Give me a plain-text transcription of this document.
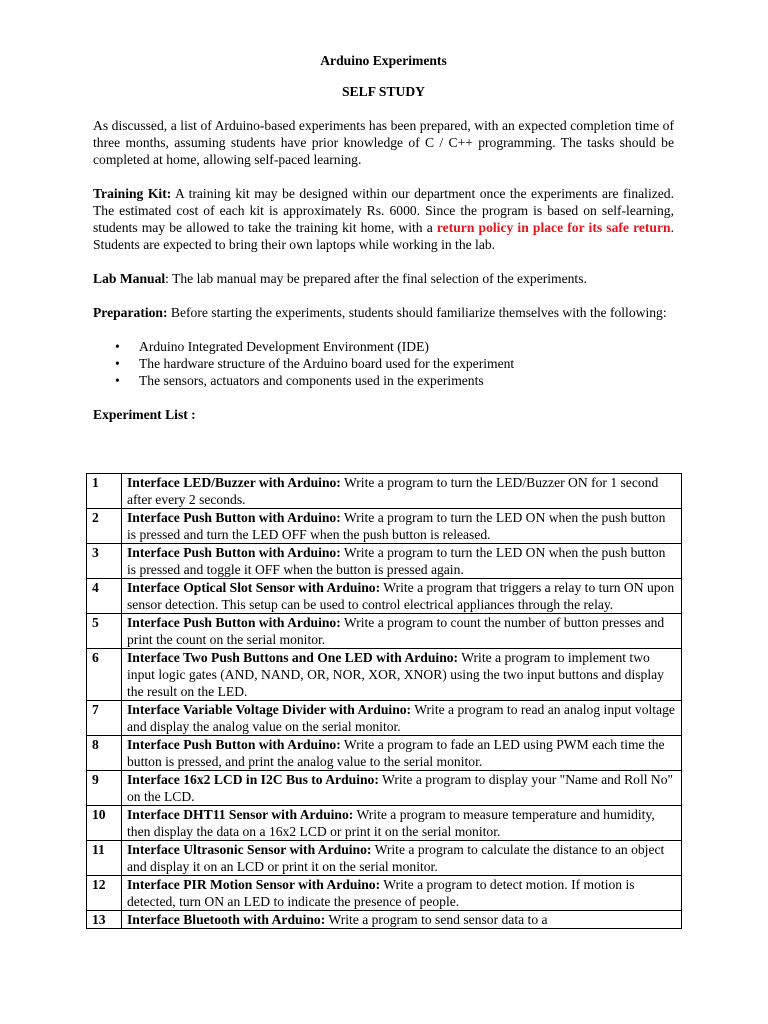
Arduino Experiments

SELF STUDY

As discussed, a list of Arduino-based experiments has been prepared, with an expected completion time of three months, assuming students have prior knowledge of C / C++ programming. The tasks should be completed at home, allowing self-paced learning.

Training Kit: A training kit may be designed within our department once the experiments are finalized. The estimated cost of each kit is approximately Rs. 6000. Since the program is based on self-learning, students may be allowed to take the training kit home, with a return policy in place for its safe return. Students are expected to bring their own laptops while working in the lab.

Lab Manual: The lab manual may be prepared after the final selection of the experiments.

Preparation: Before starting the experiments, students should familiarize themselves with the following:

• Arduino Integrated Development Environment (IDE)
• The hardware structure of the Arduino board used for the experiment
• The sensors, actuators and components used in the experiments

Experiment List :

1	Interface LED/Buzzer with Arduino: Write a program to turn the LED/Buzzer ON for 1 second after every 2 seconds.
2	Interface Push Button with Arduino: Write a program to turn the LED ON when the push button is pressed and turn the LED OFF when the push button is released.
3	Interface Push Button with Arduino: Write a program to turn the LED ON when the push button is pressed and toggle it OFF when the button is pressed again.
4	Interface Optical Slot Sensor with Arduino: Write a program that triggers a relay to turn ON upon sensor detection. This setup can be used to control electrical appliances through the relay.
5	Interface Push Button with Arduino: Write a program to count the number of button presses and print the count on the serial monitor.
6	Interface Two Push Buttons and One LED with Arduino: Write a program to implement two input logic gates (AND, NAND, OR, NOR, XOR, XNOR) using the two input buttons and display the result on the LED.
7	Interface Variable Voltage Divider with Arduino: Write a program to read an analog input voltage and display the analog value on the serial monitor.
8	Interface Push Button with Arduino: Write a program to fade an LED using PWM each time the button is pressed, and print the analog value to the serial monitor.
9	Interface 16x2 LCD in I2C Bus to Arduino: Write a program to display your "Name and Roll No" on the LCD.
10	Interface DHT11 Sensor with Arduino: Write a program to measure temperature and humidity, then display the data on a 16x2 LCD or print it on the serial monitor.
11	Interface Ultrasonic Sensor with Arduino: Write a program to calculate the distance to an object and display it on an LCD or print it on the serial monitor.
12	Interface PIR Motion Sensor with Arduino: Write a program to detect motion. If motion is detected, turn ON an LED to indicate the presence of people.
13	Interface Bluetooth with Arduino: Write a program to send sensor data to a
